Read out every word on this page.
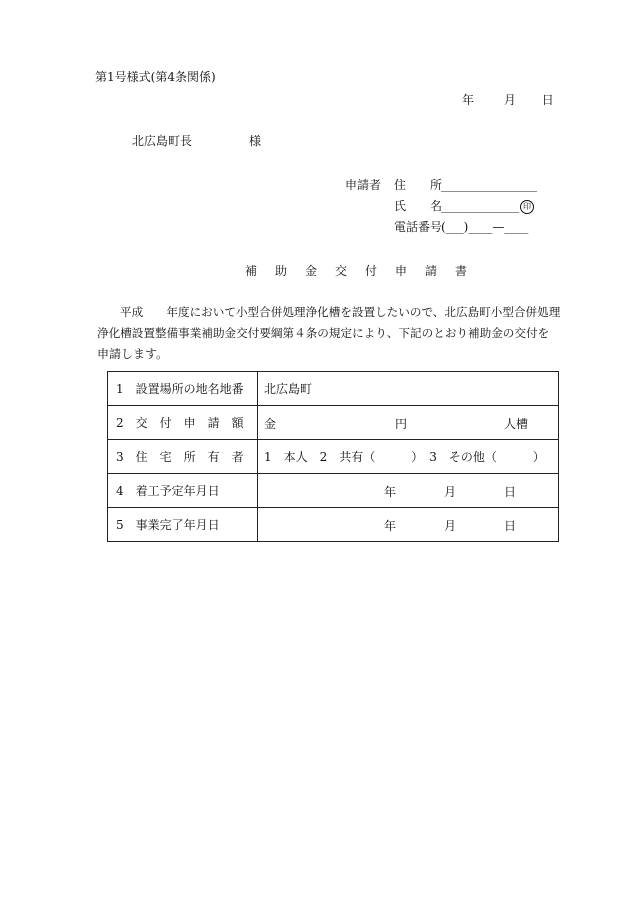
第1号様式(第4条関係)
年 月 日
北広島町長	様
申請者 住　　所
________________
氏　　名
_____________ 印
電話番号
(___)____—____
補 助 金 交 付 申 請 書
平成　　年度において小型合併処理浄化槽を設置したいので、北広島町小型合併処理
浄化槽設置整備事業補助金交付要綱第４条の規定により、下記のとおり補助金の交付を
申請します。
1　設置場所の地名地番	北広島町
2　交　付　申　請　額	金 円 人槽

3　住　宅　所　有　者	1　本人　2　共有（　　　）　3　その他（　　　）
4　着工予定年月日	年 月 日

5　事業完了年月日	年 月 日
